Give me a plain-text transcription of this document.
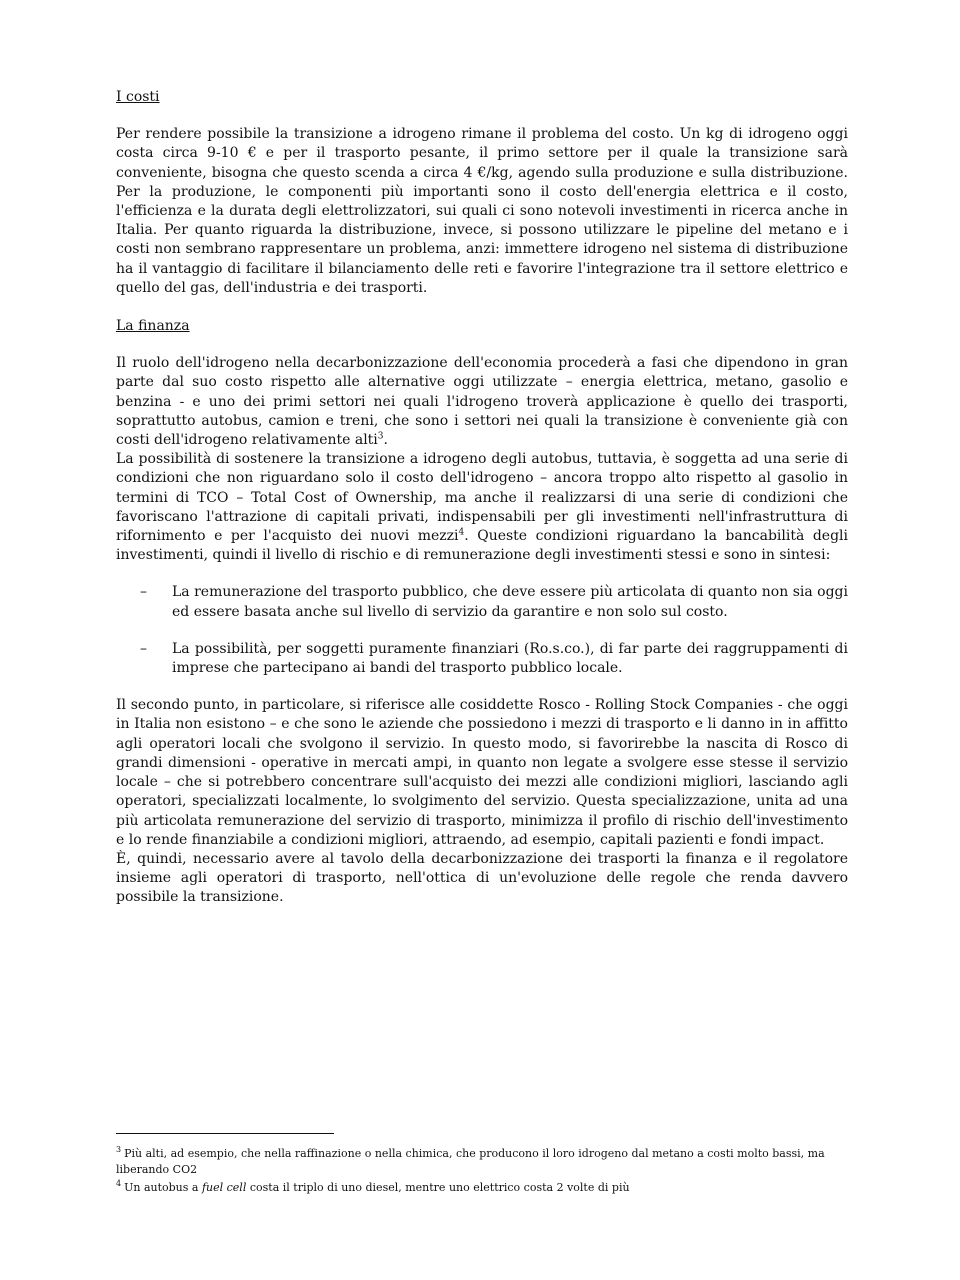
I costi

Per rendere possibile la transizione a idrogeno rimane il problema del costo. Un kg di idrogeno oggi costa circa 9-10 € e per il trasporto pesante, il primo settore per il quale la transizione sarà conveniente, bisogna che questo scenda a circa 4 €/kg, agendo sulla produzione e sulla distribuzione. Per la produzione, le componenti più importanti sono il costo dell'energia elettrica e il costo, l'efficienza e la durata degli elettrolizzatori, sui quali ci sono notevoli investimenti in ricerca anche in Italia. Per quanto riguarda la distribuzione, invece, si possono utilizzare le pipeline del metano e i costi non sembrano rappresentare un problema, anzi: immettere idrogeno nel sistema di distribuzione ha il vantaggio di facilitare il bilanciamento delle reti e favorire l'integrazione tra il settore elettrico e quello del gas, dell'industria e dei trasporti.

La finanza

Il ruolo dell'idrogeno nella decarbonizzazione dell'economia procederà a fasi che dipendono in gran parte dal suo costo rispetto alle alternative oggi utilizzate – energia elettrica, metano, gasolio e benzina - e uno dei primi settori nei quali l'idrogeno troverà applicazione è quello dei trasporti, soprattutto autobus, camion e treni, che sono i settori nei quali la transizione è conveniente già con costi dell'idrogeno relativamente alti$^3$.

La possibilità di sostenere la transizione a idrogeno degli autobus, tuttavia, è soggetta ad una serie di condizioni che non riguardano solo il costo dell'idrogeno – ancora troppo alto rispetto al gasolio in termini di TCO – Total Cost of Ownership, ma anche il realizzarsi di una serie di condizioni che favoriscano l'attrazione di capitali privati, indispensabili per gli investimenti nell'infrastruttura di rifornimento e per l'acquisto dei nuovi mezzi$^4$. Queste condizioni riguardano la bancabilità degli investimenti, quindi il livello di rischio e di remunerazione degli investimenti stessi e sono in sintesi:

– La remunerazione del trasporto pubblico, che deve essere più articolata di quanto non sia oggi ed essere basata anche sul livello di servizio da garantire e non solo sul costo.
– La possibilità, per soggetti puramente finanziari (Ro.s.co.), di far parte dei raggruppamenti di imprese che partecipano ai bandi del trasporto pubblico locale.

Il secondo punto, in particolare, si riferisce alle cosiddette Rosco - Rolling Stock Companies - che oggi in Italia non esistono – e che sono le aziende che possiedono i mezzi di trasporto e li danno in in affitto agli operatori locali che svolgono il servizio. In questo modo, si favorirebbe la nascita di Rosco di grandi dimensioni - operative in mercati ampi, in quanto non legate a svolgere esse stesse il servizio locale – che si potrebbero concentrare sull'acquisto dei mezzi alle condizioni migliori, lasciando agli operatori, specializzati localmente, lo svolgimento del servizio. Questa specializzazione, unita ad una più articolata remunerazione del servizio di trasporto, minimizza il profilo di rischio dell'investimento e lo rende finanziabile a condizioni migliori, attraendo, ad esempio, capitali pazienti e fondi impact.

È, quindi, necessario avere al tavolo della decarbonizzazione dei trasporti la finanza e il regolatore insieme agli operatori di trasporto, nell'ottica di un'evoluzione delle regole che renda davvero possibile la transizione.

$^3$ Più alti, ad esempio, che nella raffinazione o nella chimica, che producono il loro idrogeno dal metano a costi molto bassi, ma liberando CO2

$^4$ Un autobus a fuel cell costa il triplo di uno diesel, mentre uno elettrico costa 2 volte di più
